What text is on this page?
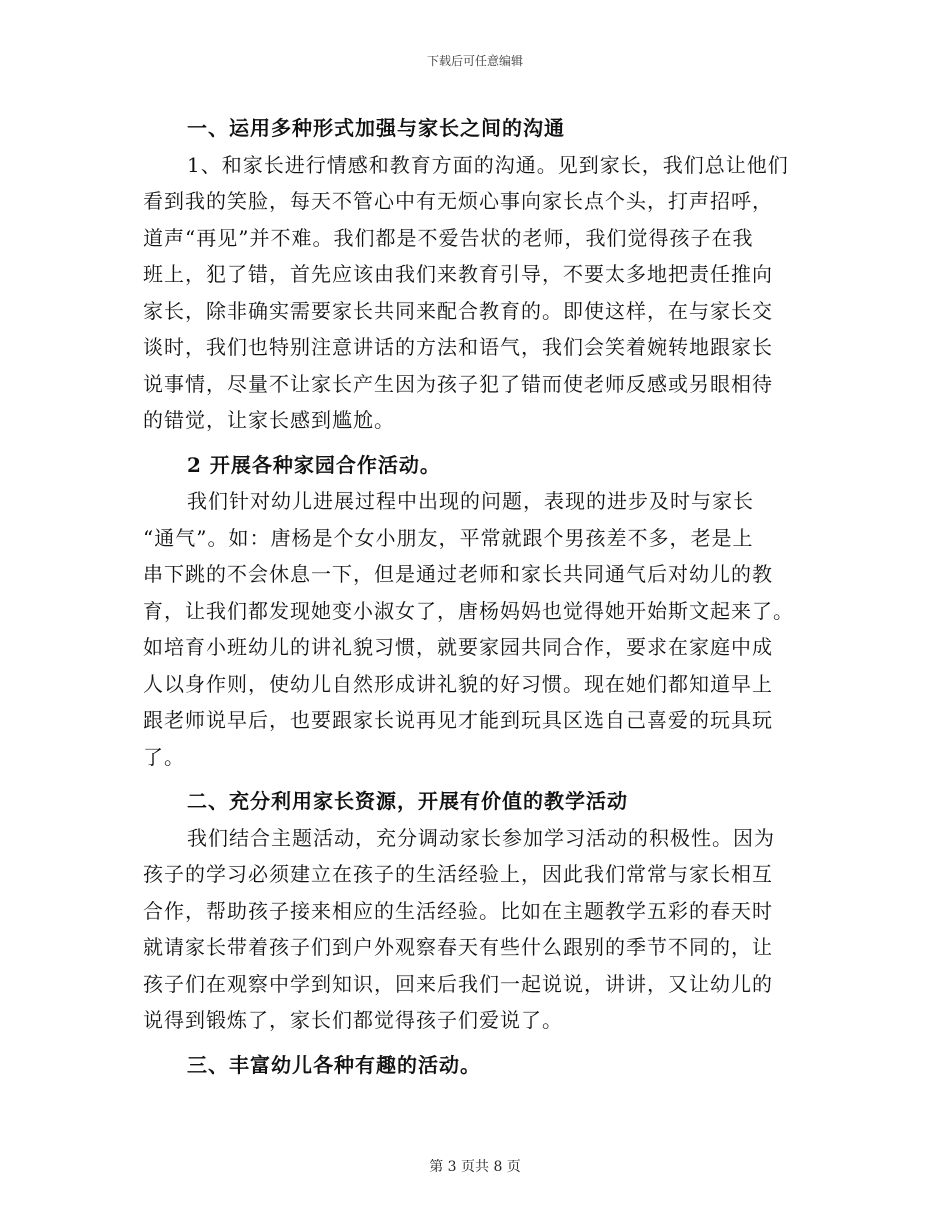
下载后可任意编辑
一、运用多种形式加强与家长之间的沟通
1、和家长进行情感和教育方面的沟通。见到家长，我们总让他们
看到我的笑脸，每天不管心中有无烦心事向家长点个头，打声招呼，
道声“再见”并不难。我们都是不爱告状的老师，我们觉得孩子在我
班上，犯了错，首先应该由我们来教育引导，不要太多地把责任推向
家长，除非确实需要家长共同来配合教育的。即使这样，在与家长交
谈时，我们也特别注意讲话的方法和语气，我们会笑着婉转地跟家长
说事情，尽量不让家长产生因为孩子犯了错而使老师反感或另眼相待
的错觉，让家长感到尴尬。
2 开展各种家园合作活动。
我们针对幼儿进展过程中出现的问题，表现的进步及时与家长
“通气”。如：唐杨是个女小朋友，平常就跟个男孩差不多，老是上
串下跳的不会休息一下，但是通过老师和家长共同通气后对幼儿的教
育，让我们都发现她变小淑女了，唐杨妈妈也觉得她开始斯文起来了。
如培育小班幼儿的讲礼貌习惯，就要家园共同合作，要求在家庭中成
人以身作则，使幼儿自然形成讲礼貌的好习惯。现在她们都知道早上
跟老师说早后，也要跟家长说再见才能到玩具区选自己喜爱的玩具玩
了。
二、充分利用家长资源，开展有价值的教学活动
我们结合主题活动，充分调动家长参加学习活动的积极性。因为
孩子的学习必须建立在孩子的生活经验上，因此我们常常与家长相互
合作，帮助孩子接来相应的生活经验。比如在主题教学五彩的春天时
就请家长带着孩子们到户外观察春天有些什么跟别的季节不同的，让
孩子们在观察中学到知识，回来后我们一起说说，讲讲，又让幼儿的
说得到锻炼了，家长们都觉得孩子们爱说了。
三、丰富幼儿各种有趣的活动。
第 3 页共 8 页
